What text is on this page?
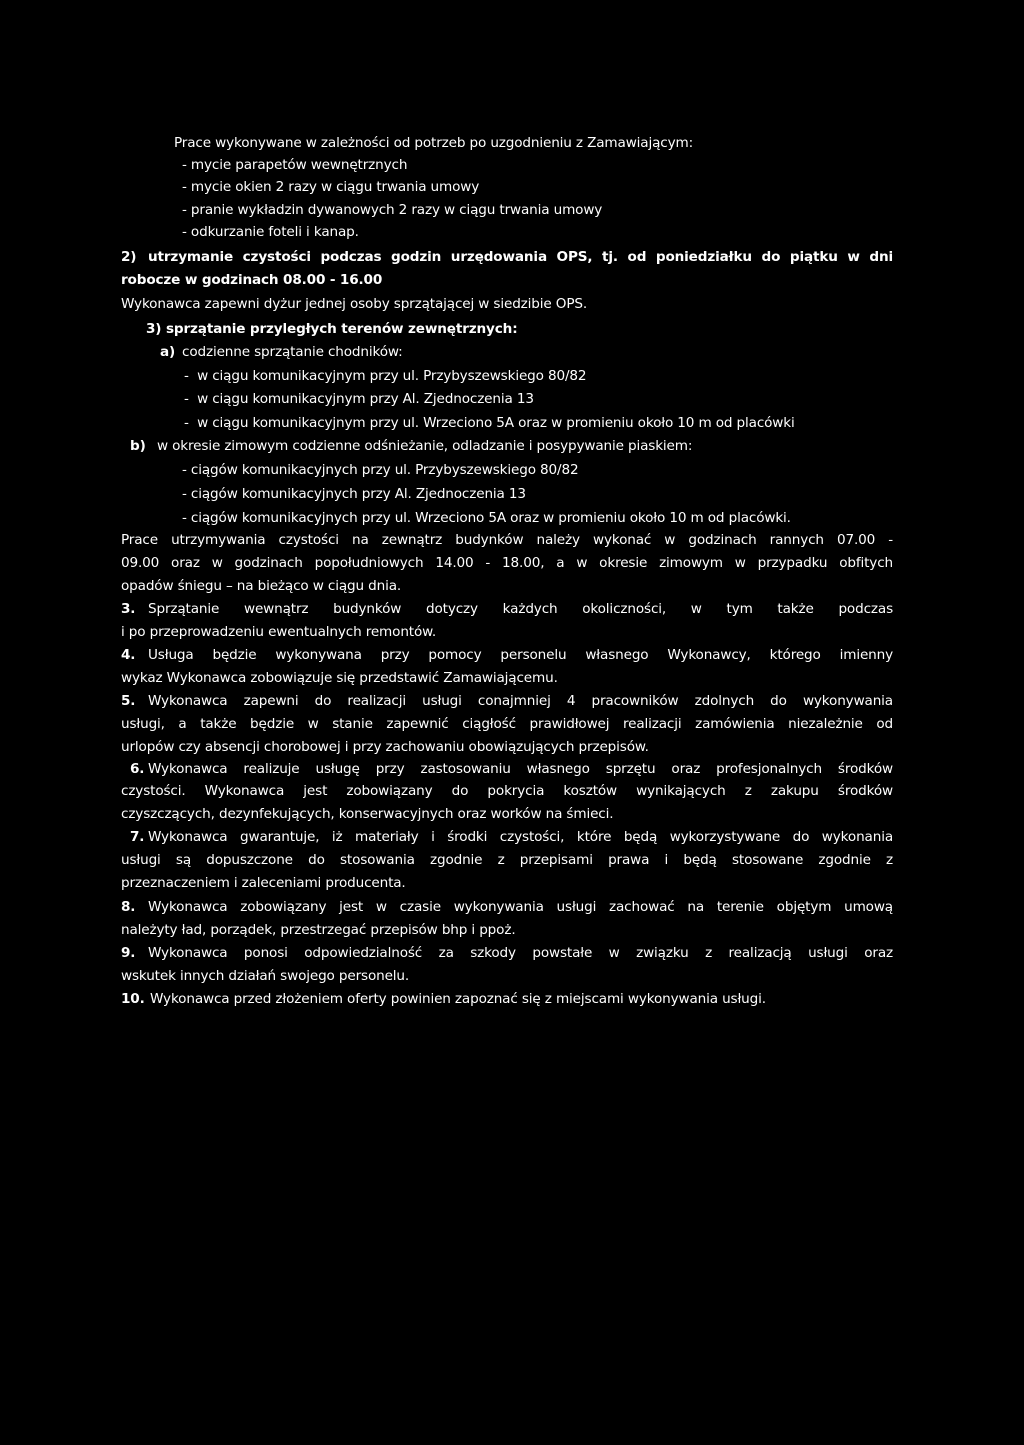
Prace wykonywane w zależności od potrzeb po uzgodnieniu z Zamawiającym:
- mycie parapetów wewnętrznych
- mycie okien 2 razy w ciągu trwania umowy
- pranie wykładzin dywanowych 2 razy w ciągu trwania umowy
- odkurzanie foteli i kanap.
2) utrzymanie czystości podczas godzin urzędowania OPS, tj. od poniedziałku do piątku w dni
robocze w godzinach 08.00 - 16.00
Wykonawca zapewni dyżur jednej osoby sprzątającej w siedzibie OPS.
3) sprzątanie przyległych terenów zewnętrznych:
a) codzienne sprzątanie chodników:
-  w ciągu komunikacyjnym przy ul. Przybyszewskiego 80/82
-  w ciągu komunikacyjnym przy Al. Zjednoczenia 13
-  w ciągu komunikacyjnym przy ul. Wrzeciono 5A oraz w promieniu około 10 m od placówki
b) w okresie zimowym codzienne odśnieżanie, odladzanie i posypywanie piaskiem:
- ciągów komunikacyjnych przy ul. Przybyszewskiego 80/82
- ciągów komunikacyjnych przy Al. Zjednoczenia 13
- ciągów komunikacyjnych przy ul. Wrzeciono 5A oraz w promieniu około 10 m od placówki.
Prace utrzymywania czystości na zewnątrz budynków należy wykonać w godzinach rannych 07.00 -
09.00 oraz w godzinach popołudniowych 14.00 - 18.00, a w okresie zimowym w przypadku obfitych
opadów śniegu – na bieżąco w ciągu dnia.
3. Sprzątanie wewnątrz budynków dotyczy każdych okoliczności, w tym także podczas
i po przeprowadzeniu ewentualnych remontów.
4. Usługa będzie wykonywana przy pomocy personelu własnego Wykonawcy, którego imienny
wykaz Wykonawca zobowiązuje się przedstawić Zamawiającemu.
5. Wykonawca zapewni do realizacji usługi conajmniej 4 pracowników zdolnych do wykonywania
usługi, a także będzie w stanie zapewnić ciągłość prawidłowej realizacji zamówienia niezależnie od
urlopów czy absencji chorobowej i przy zachowaniu obowiązujących przepisów.
6. Wykonawca realizuje usługę przy zastosowaniu własnego sprzętu oraz profesjonalnych środków
czystości. Wykonawca jest zobowiązany do pokrycia kosztów wynikających z zakupu środków
czyszczących, dezynfekujących, konserwacyjnych oraz worków na śmieci.
7. Wykonawca gwarantuje, iż materiały i środki czystości, które będą wykorzystywane do wykonania
usługi są dopuszczone do stosowania zgodnie z przepisami prawa i będą stosowane zgodnie z
przeznaczeniem i zaleceniami producenta.
8. Wykonawca zobowiązany jest w czasie wykonywania usługi zachować na terenie objętym umową
należyty ład, porządek, przestrzegać przepisów bhp i ppoż.
9. Wykonawca ponosi odpowiedzialność za szkody powstałe w związku z realizacją usługi oraz
wskutek innych działań swojego personelu.
10. Wykonawca przed złożeniem oferty powinien zapoznać się z miejscami wykonywania usługi.
